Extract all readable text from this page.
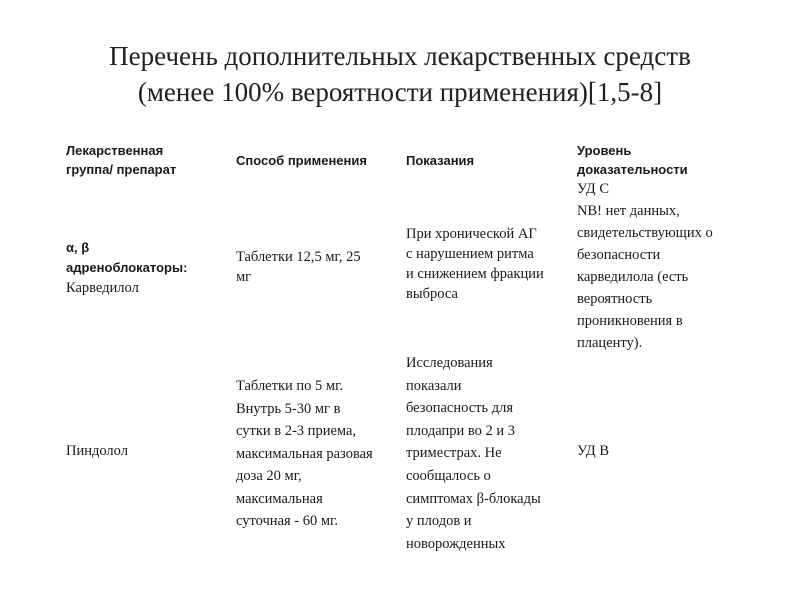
Перечень дополнительных лекарственных средств
(менее 100% вероятности применения)[1,5-8]
Лекарственная
группа/ препарат
Способ применения	Показания
Уровень
доказательности
α, β
адреноблокаторы:
Карведилол
Таблетки 12,5 мг, 25
мг
При хронической АГ
с нарушением ритма
и снижением фракции
выброса
УД С
NB! нет данных,
свидетельствующих о
безопасности
карведилола (есть
вероятность
проникновения в
плаценту).
Пиндолол
Таблетки по 5 мг.
Внутрь 5-30 мг в
сутки в 2-3 приема,
максимальная разовая
доза 20 мг,
максимальная
суточная - 60 мг.
Исследования
показали
безопасность для
плодапри во 2 и 3
триместрах. Не
сообщалось о
симптомах β-блокады
у плодов и
новорожденных
УД В
